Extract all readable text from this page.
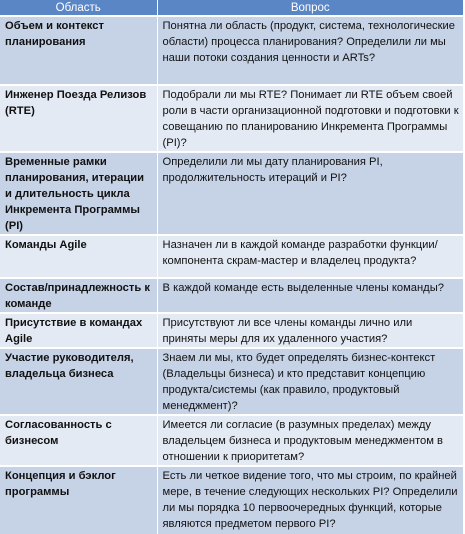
Область	Вопрос
Объем и контекст планирования	Понятна ли область (продукт, система, технологические области) процесса планирования? Определили ли мы наши потоки создания ценности и ARTs?
Инженер Поезда Релизов (RTE)	Подобрали ли мы RTE? Понимает ли RTE объем своей роли в части организационной подготовки и подготовки к совещанию по планированию Инкремента Программы (PI)?
Временные рамки планирования, итерации и длительность цикла Инкремента Программы (PI)	Определили ли мы дату планирования PI, продолжительность итераций и PI?
Команды Agile	Назначен ли в каждой команде разработки функции/компонента скрам-мастер и владелец продукта?
Состав/принадлежность к команде	В каждой команде есть выделенные члены команды?
Присутствие в командах Agile	Присутствуют ли все члены команды лично или приняты меры для их удаленного участия?
Участие руководителя, владельца бизнеса	Знаем ли мы, кто будет определять бизнес-контекст (Владельцы бизнеса) и кто представит концепцию продукта/системы (как правило, продуктовый менеджмент)?
Согласованность с бизнесом	Имеется ли согласие (в разумных пределах) между владельцем бизнеса и продуктовым менеджментом в отношении к приоритетам?
Концепция и бэклог программы	Есть ли четкое видение того, что мы строим, по крайней мере, в течение следующих нескольких PI? Определили ли мы порядка 10 первоочередных функций, которые являются предметом первого PI?
